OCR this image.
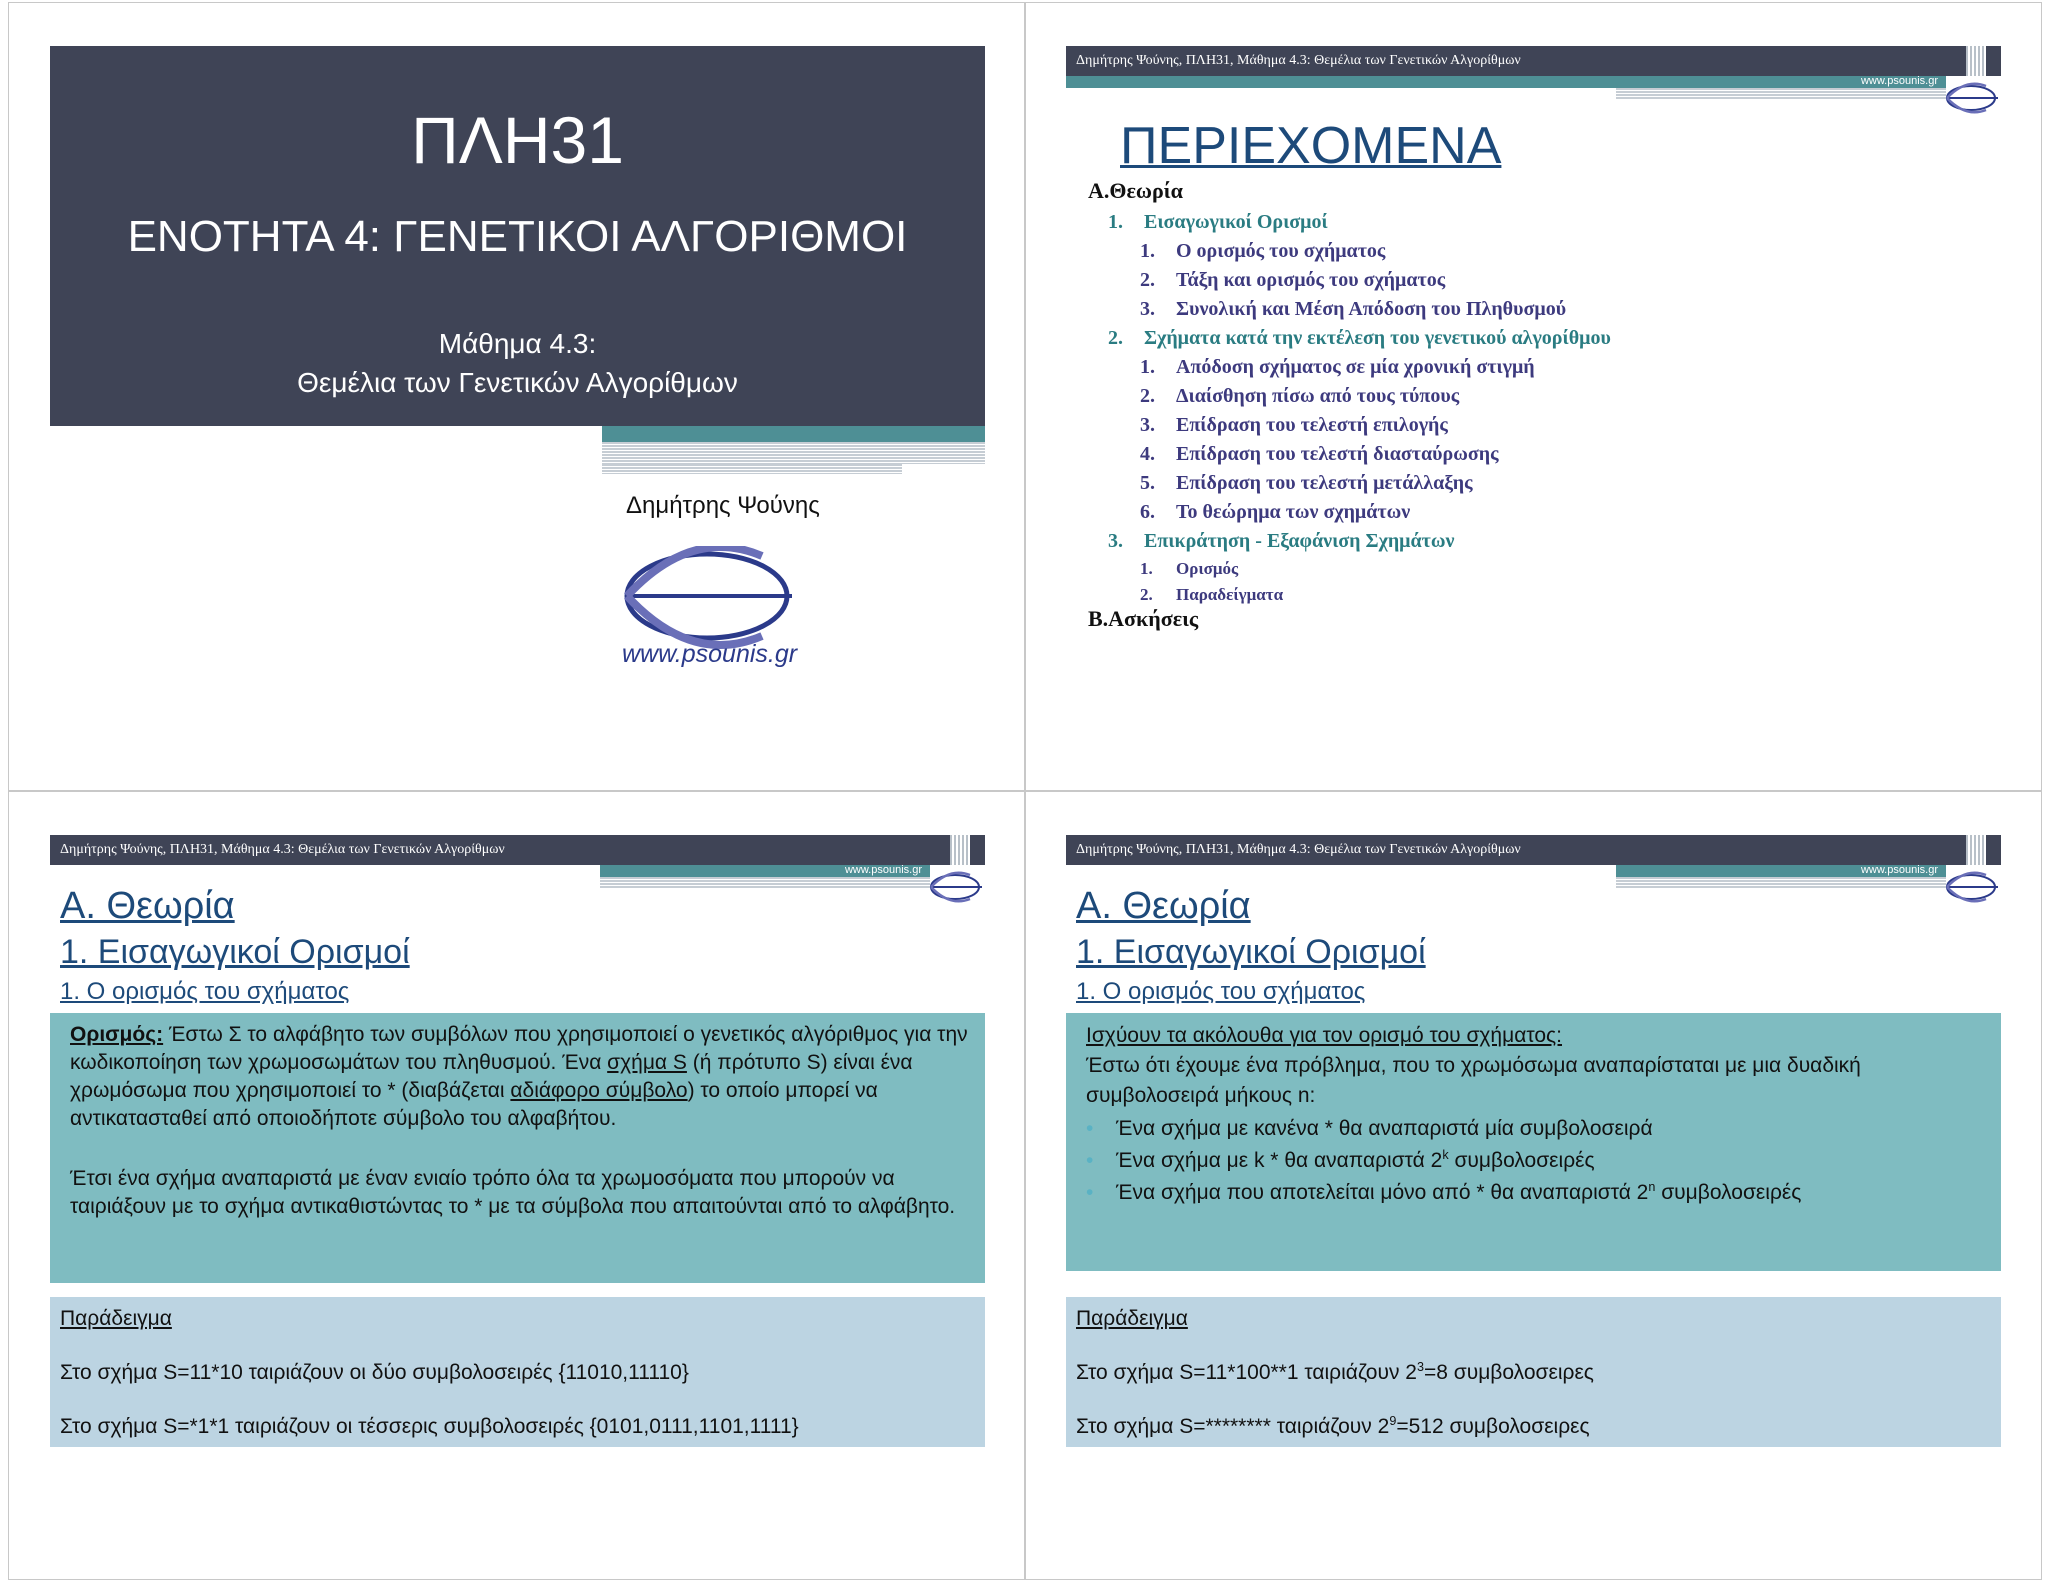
ΠΛΗ31
ΕΝΟΤΗΤΑ 4: ΓΕΝΕΤΙΚΟΙ ΑΛΓΟΡΙΘΜΟΙ
Μάθημα 4.3:
Θεμέλια των Γενετικών Αλγορίθμων
Δημήτρης Ψούνης
www.psounis.gr
Δημήτρης Ψούνης, ΠΛΗ31, Μάθημα 4.3: Θεμέλια των Γενετικών Αλγορίθμων
www.psounis.gr
ΠΕΡΙΕΧΟΜΕΝΑ
Α.Θεωρία
1. Εισαγωγικοί Ορισμοί
1. Ο ορισμός του σχήματος
2. Τάξη και ορισμός του σχήματος
3. Συνολική και Μέση Απόδοση του Πληθυσμού
2. Σχήματα κατά την εκτέλεση του γενετικού αλγορίθμου
1. Απόδοση σχήματος σε μία χρονική στιγμή
2. Διαίσθηση πίσω από τους τύπους
3. Επίδραση του τελεστή επιλογής
4. Επίδραση του τελεστή διασταύρωσης
5. Επίδραση του τελεστή μετάλλαξης
6. Το θεώρημα των σχημάτων
3. Επικράτηση - Εξαφάνιση Σχημάτων
1. Ορισμός
2. Παραδείγματα
Β.Ασκήσεις
Δημήτρης Ψούνης, ΠΛΗ31, Μάθημα 4.3: Θεμέλια των Γενετικών Αλγορίθμων
www.psounis.gr
Α. Θεωρία
1. Εισαγωγικοί Ορισμοί
1. Ο ορισμός του σχήματος

Ορισμός: Έστω Σ το αλφάβητο των συμβόλων που χρησιμοποιεί ο γενετικός αλγόριθμος για την κωδικοποίηση των χρωμοσωμάτων του πληθυσμού. Ένα σχήμα S (ή πρότυπο S) είναι ένα χρωμόσωμα που χρησιμοποιεί το * (διαβάζεται αδιάφορο σύμβολο) το οποίο μπορεί να αντικατασταθεί από οποιοδήποτε σύμβολο του αλφαβήτου.

Έτσι ένα σχήμα αναπαριστά με έναν ενιαίο τρόπο όλα τα χρωμοσόματα που μπορούν να ταιριάξουν με το σχήμα αντικαθιστώντας το * με τα σύμβολα που απαιτούνται από το αλφάβητο.

Παράδειγμα
Στο σχήμα S=11*10 ταιριάζουν οι δύο συμβολοσειρές {11010,11110}
Στο σχήμα S=*1*1 ταιριάζουν οι τέσσερις συμβολοσειρές {0101,0111,1101,1111}
Δημήτρης Ψούνης, ΠΛΗ31, Μάθημα 4.3: Θεμέλια των Γενετικών Αλγορίθμων
www.psounis.gr
Α. Θεωρία
1. Εισαγωγικοί Ορισμοί
1. Ο ορισμός του σχήματος
Ισχύουν τα ακόλουθα για τον ορισμό του σχήματος:
Έστω ότι έχουμε ένα πρόβλημα, που το χρωμόσωμα αναπαρίσταται με μια δυαδική συμβολοσειρά μήκους n:
• Ένα σχήμα με κανένα * θα αναπαριστά μία συμβολοσειρά
• Ένα σχήμα με k * θα αναπαριστά 2$^k$ συμβολοσειρές
• Ένα σχήμα που αποτελείται μόνο από * θα αναπαριστά 2$^n$ συμβολοσειρές
Παράδειγμα
Στο σχήμα S=11*100**1 ταιριάζουν $2^3=8$ συμβολοσειρες
Στο σχήμα S=******** ταιριάζουν $2^9=512$ συμβολοσειρες
